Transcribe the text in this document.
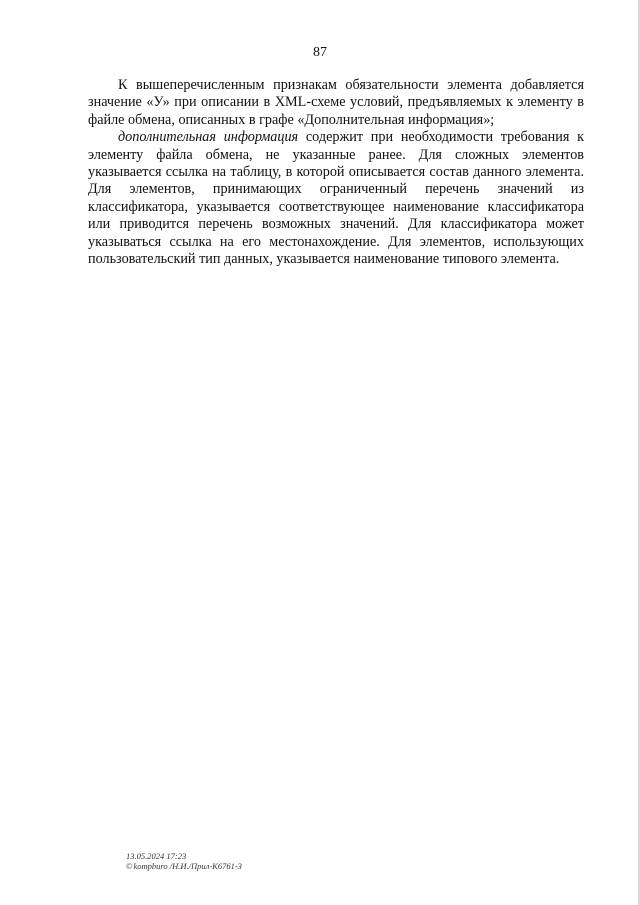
87

К вышеперечисленным признакам обязательности элемента добавляется значение «У» при описании в XML-схеме условий, предъявляемых к элементу в файле обмена, описанных в графе «Дополнительная информация»;

дополнительная информация содержит при необходимости требования к элементу файла обмена, не указанные ранее. Для сложных элементов указывается ссылка на таблицу, в которой описывается состав данного элемента. Для элементов, принимающих ограниченный перечень значений из классификатора, указывается соответствующее наименование классификатора или приводится перечень возможных значений. Для классификатора может указываться ссылка на его местонахождение. Для элементов, использующих пользовательский тип данных, указывается наименование типового элемента.

13.05.2024 17:23
©kompburo /Н.И./Прил-К6761-3
